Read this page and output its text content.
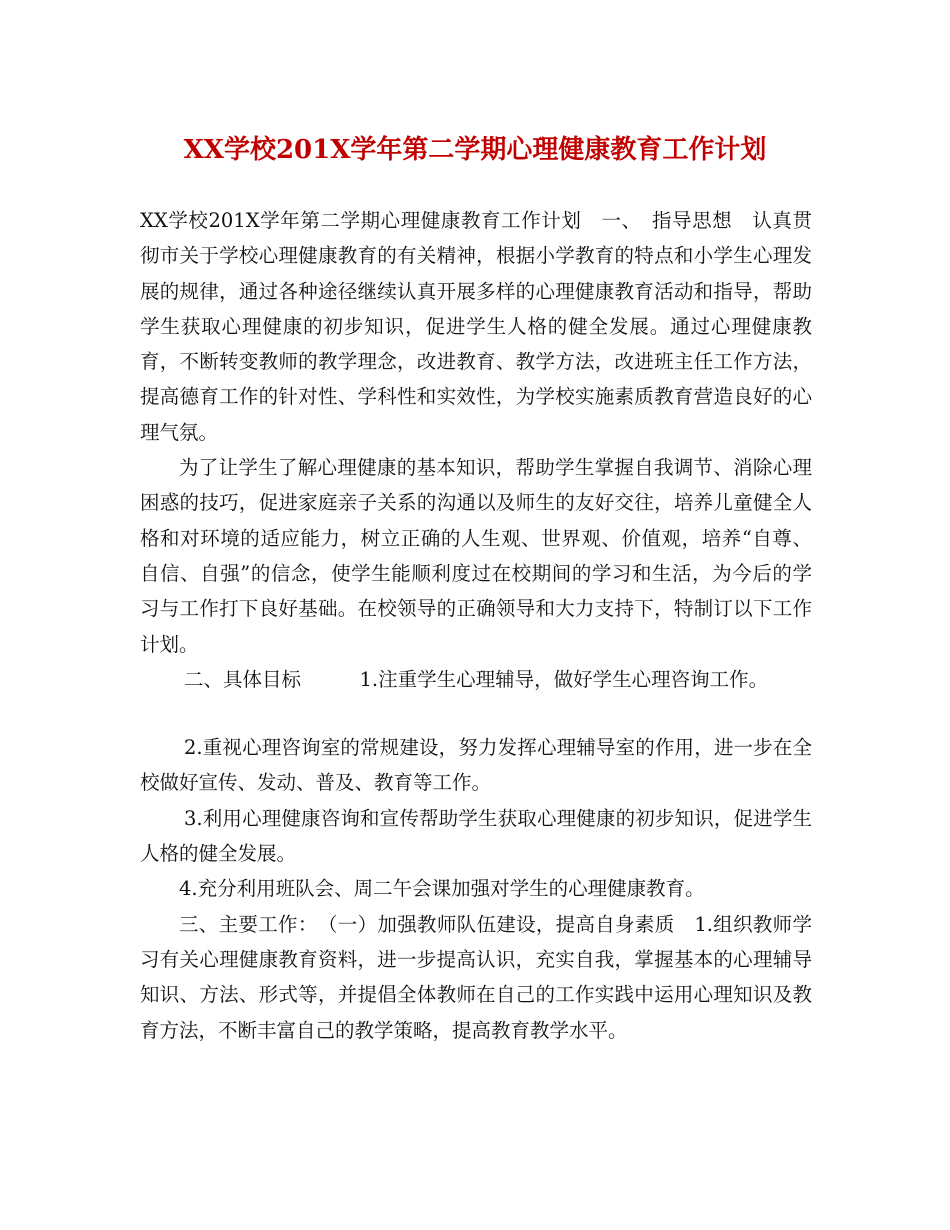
XX学校201X学年第二学期心理健康教育工作计划

XX学校201X学年第二学期心理健康教育工作计划　一、　指导思想　认真贯彻市关于学校心理健康教育的有关精神，根据小学教育的特点和小学生心理发展的规律，通过各种途径继续认真开展多样的心理健康教育活动和指导，帮助学生获取心理健康的初步知识，促进学生人格的健全发展。通过心理健康教育，不断转变教师的教学理念，改进教育、教学方法，改进班主任工作方法，提高德育工作的针对性、学科性和实效性，为学校实施素质教育营造良好的心理气氛。

为了让学生了解心理健康的基本知识，帮助学生掌握自我调节、消除心理困惑的技巧，促进家庭亲子关系的沟通以及师生的友好交往，培养儿童健全人格和对环境的适应能力，树立正确的人生观、世界观、价值观，培养“自尊、自信、自强”的信念，使学生能顺利度过在校期间的学习和生活，为今后的学习与工作打下良好基础。在校领导的正确领导和大力支持下，特制订以下工作计划。

二、具体目标　　　1.注重学生心理辅导，做好学生心理咨询工作。

2.重视心理咨询室的常规建设，努力发挥心理辅导室的作用，进一步在全校做好宣传、发动、普及、教育等工作。

3.利用心理健康咨询和宣传帮助学生获取心理健康的初步知识，促进学生人格的健全发展。

4.充分利用班队会、周二午会课加强对学生的心理健康教育。

三、主要工作：　（一）加强教师队伍建设，提高自身素质　1.组织教师学习有关心理健康教育资料，进一步提高认识，充实自我，掌握基本的心理辅导知识、方法、形式等，并提倡全体教师在自己的工作实践中运用心理知识及教育方法，不断丰富自己的教学策略，提高教育教学水平。
